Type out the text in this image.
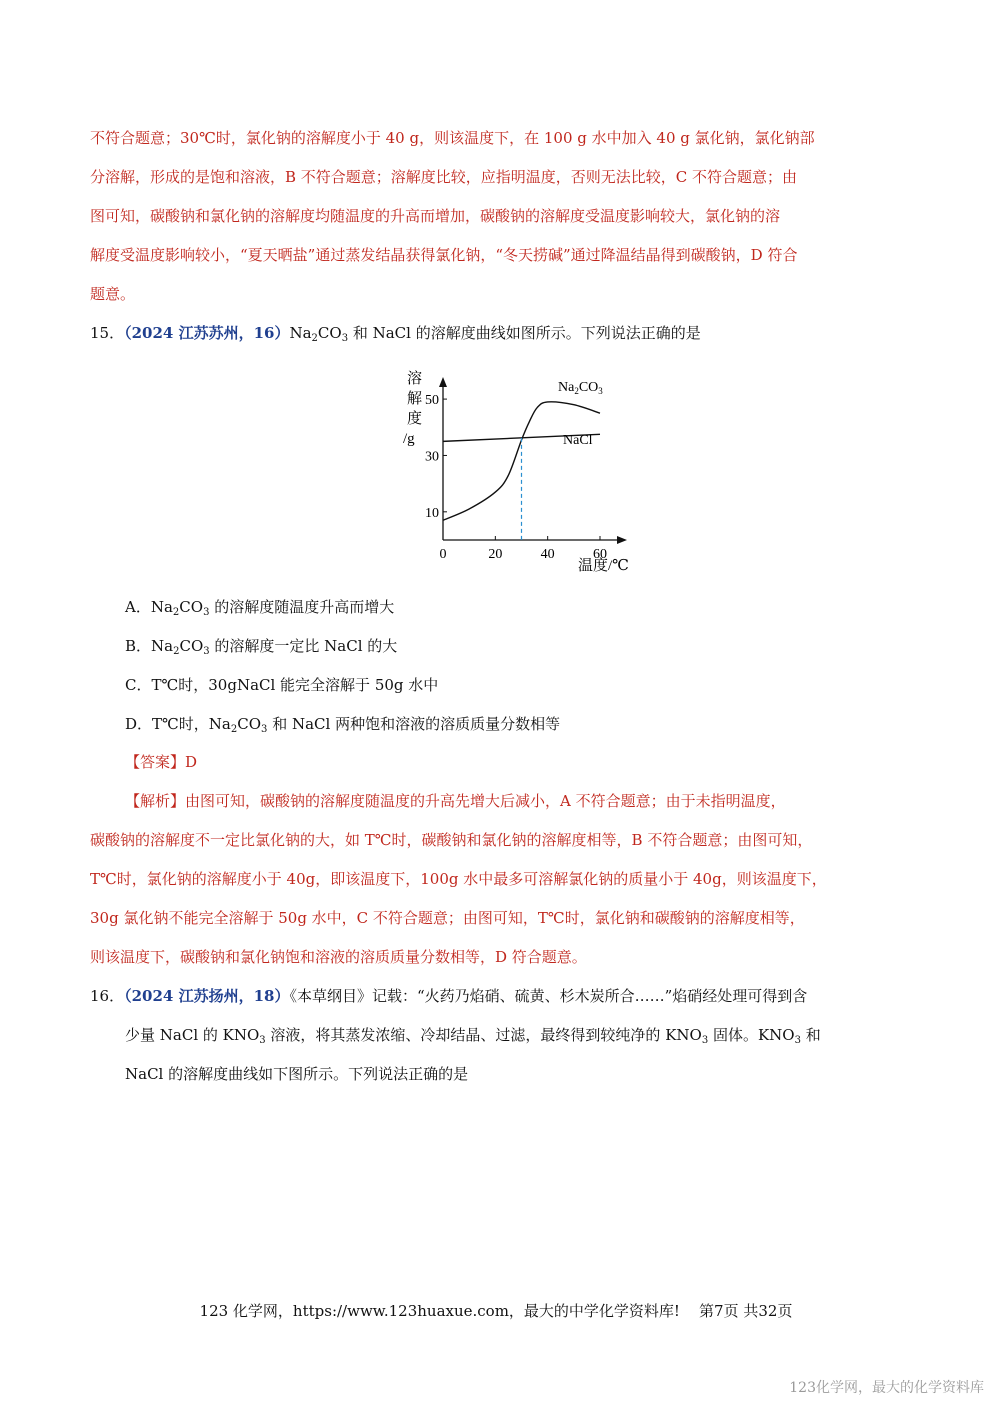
不符合题意；30℃时，氯化钠的溶解度小于 40 g，则该温度下，在 100 g 水中加入 40 g 氯化钠，氯化钠部
分溶解，形成的是饱和溶液，B 不符合题意；溶解度比较，应指明温度，否则无法比较，C 不符合题意；由
图可知，碳酸钠和氯化钠的溶解度均随温度的升高而增加，碳酸钠的溶解度受温度影响较大，氯化钠的溶
解度受温度影响较小，“夏天晒盐”通过蒸发结晶获得氯化钠，“冬天捞碱”通过降温结晶得到碳酸钠，D 符合
题意。
15．（2024 江苏苏州，$16)Na_2CO_3$ 和 NaCl 的溶解度曲线如图所示。下列说法正确的是
溶
解
度
/g
10
30
50
0	20	40	60
$Na_2CO_3$
NaCl
温度/℃
A．$Na_2CO_3$ 的溶解度随温度升高而增大
B．$Na_2CO_3$ 的溶解度一定比 NaCl 的大
C．T℃时，30gNaCl 能完全溶解于 50g 水中
D．T℃时，$Na_2CO_3$ 和 NaCl 两种饱和溶液的溶质质量分数相等
【答案】D
【解析】由图可知，碳酸钠的溶解度随温度的升高先增大后减小，A 不符合题意；由于未指明温度，
碳酸钠的溶解度不一定比氯化钠的大，如 T℃时，碳酸钠和氯化钠的溶解度相等，B 不符合题意；由图可知，
T℃时，氯化钠的溶解度小于 40g，即该温度下，100g 水中最多可溶解氯化钠的质量小于 40g，则该温度下，
30g 氯化钠不能完全溶解于 50g 水中，C 不符合题意；由图可知，T℃时，氯化钠和碳酸钠的溶解度相等，
则该温度下，碳酸钠和氯化钠饱和溶液的溶质质量分数相等，D 符合题意。
16．（2024 江苏扬州，18）《本草纲目》记载：“火药乃焰硝、硫黄、杉木炭所合……”焰硝经处理可得到含
少量 NaCl 的 $KNO_3$ 溶液，将其蒸发浓缩、冷却结晶、过滤，最终得到较纯净的 $KNO_3$ 固体。$KNO_3$ 和
NaCl 的溶解度曲线如下图所示。下列说法正确的是
123 化学网，https://www.123huaxue.com，最大的中学化学资料库! 第7页 共32页
123化学网，最大的化学资料库
